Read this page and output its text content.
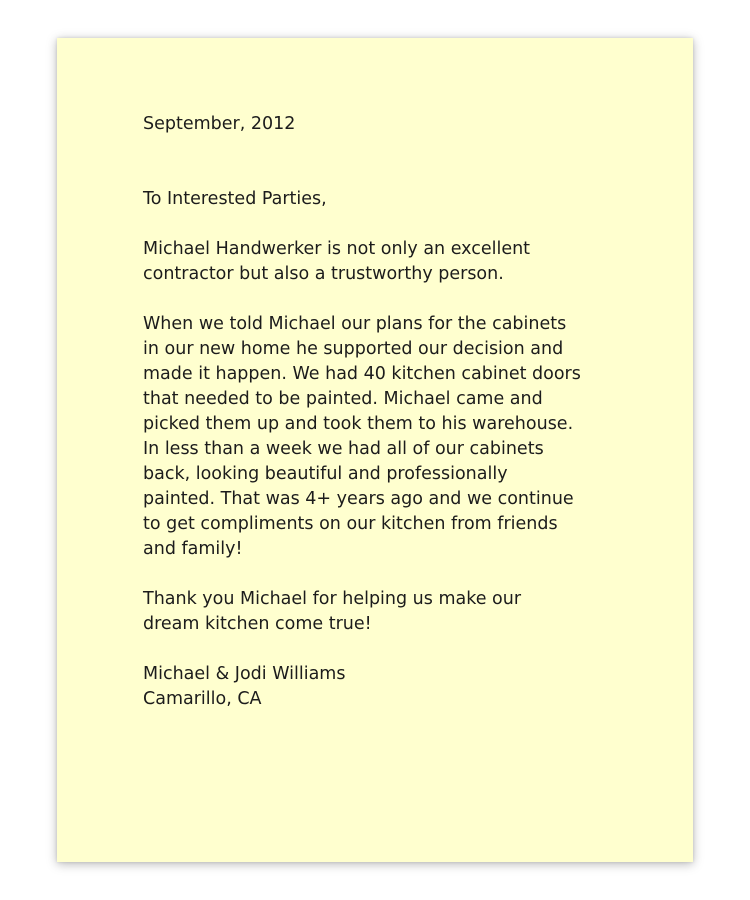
September, 2012

To Interested Parties,

Michael Handwerker is not only an excellent
contractor but also a trustworthy person.

When we told Michael our plans for the cabinets
in our new home he supported our decision and
made it happen. We had 40 kitchen cabinet doors
that needed to be painted. Michael came and
picked them up and took them to his warehouse.
In less than a week we had all of our cabinets
back, looking beautiful and professionally
painted. That was 4+ years ago and we continue
to get compliments on our kitchen from friends
and family!

Thank you Michael for helping us make our
dream kitchen come true!

Michael & Jodi Williams

Camarillo, CA
